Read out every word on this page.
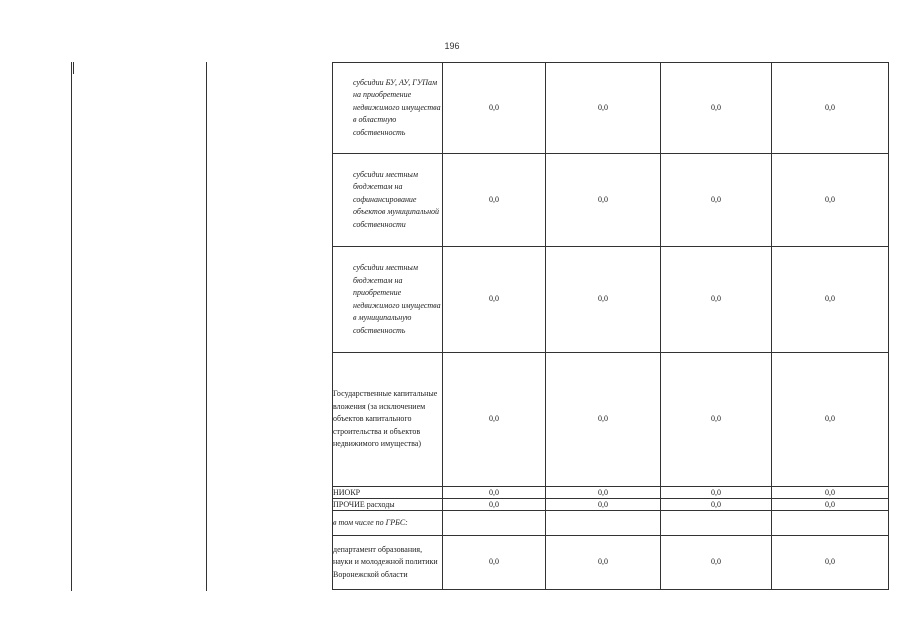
196
субсидии БУ, АУ, ГУПам на приобретение недвижимого имущества в областную собственность	0,0	0,0	0,0	0,0
субсидии местным бюджетам на софинансирование объектов муниципальной собственности	0,0	0,0	0,0	0,0
субсидии местным бюджетам на приобретение недвижимого имущества в муниципальную собственность	0,0	0,0	0,0	0,0
Государственные капитальные вложения (за исключением объектов капитального строительства и объектов недвижимого имущества)	0,0	0,0	0,0	0,0
НИОКР	0,0	0,0	0,0	0,0
ПРОЧИЕ расходы	0,0	0,0	0,0	0,0
в том числе по ГРБС:				
департамент образования, науки и молодежной политики Воронежской области	0,0	0,0	0,0	0,0
